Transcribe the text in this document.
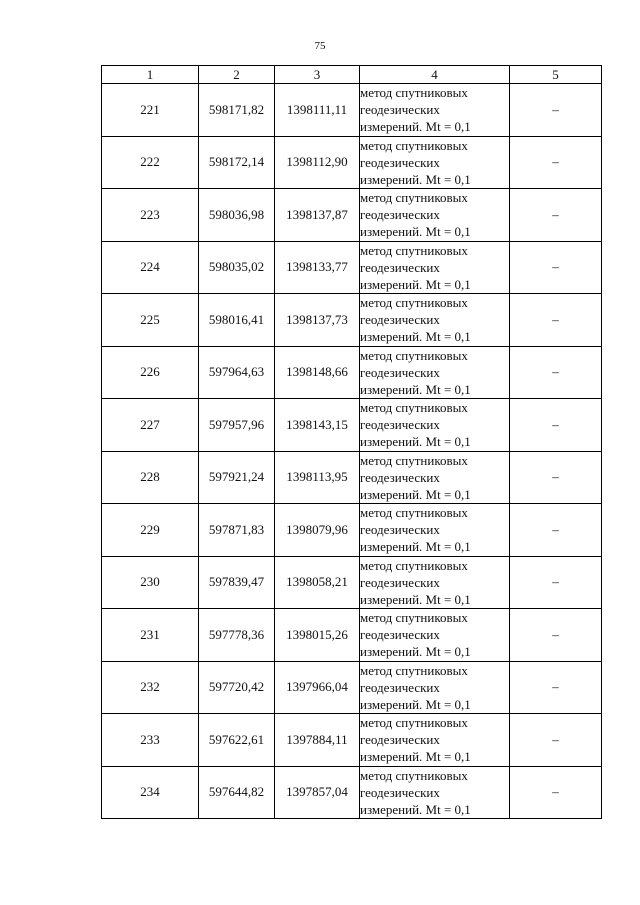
75
1	2	3	4	5
221	598171,82	1398111,11	метод спутниковых
геодезических
измерений. Mt = 0,1	–
222	598172,14	1398112,90	метод спутниковых
геодезических
измерений. Mt = 0,1	–
223	598036,98	1398137,87	метод спутниковых
геодезических
измерений. Mt = 0,1	–
224	598035,02	1398133,77	метод спутниковых
геодезических
измерений. Mt = 0,1	–
225	598016,41	1398137,73	метод спутниковых
геодезических
измерений. Mt = 0,1	–
226	597964,63	1398148,66	метод спутниковых
геодезических
измерений. Mt = 0,1	–
227	597957,96	1398143,15	метод спутниковых
геодезических
измерений. Mt = 0,1	–
228	597921,24	1398113,95	метод спутниковых
геодезических
измерений. Mt = 0,1	–
229	597871,83	1398079,96	метод спутниковых
геодезических
измерений. Mt = 0,1	–
230	597839,47	1398058,21	метод спутниковых
геодезических
измерений. Mt = 0,1	–
231	597778,36	1398015,26	метод спутниковых
геодезических
измерений. Mt = 0,1	–
232	597720,42	1397966,04	метод спутниковых
геодезических
измерений. Mt = 0,1	–
233	597622,61	1397884,11	метод спутниковых
геодезических
измерений. Mt = 0,1	–
234	597644,82	1397857,04	метод спутниковых
геодезических
измерений. Mt = 0,1	–
